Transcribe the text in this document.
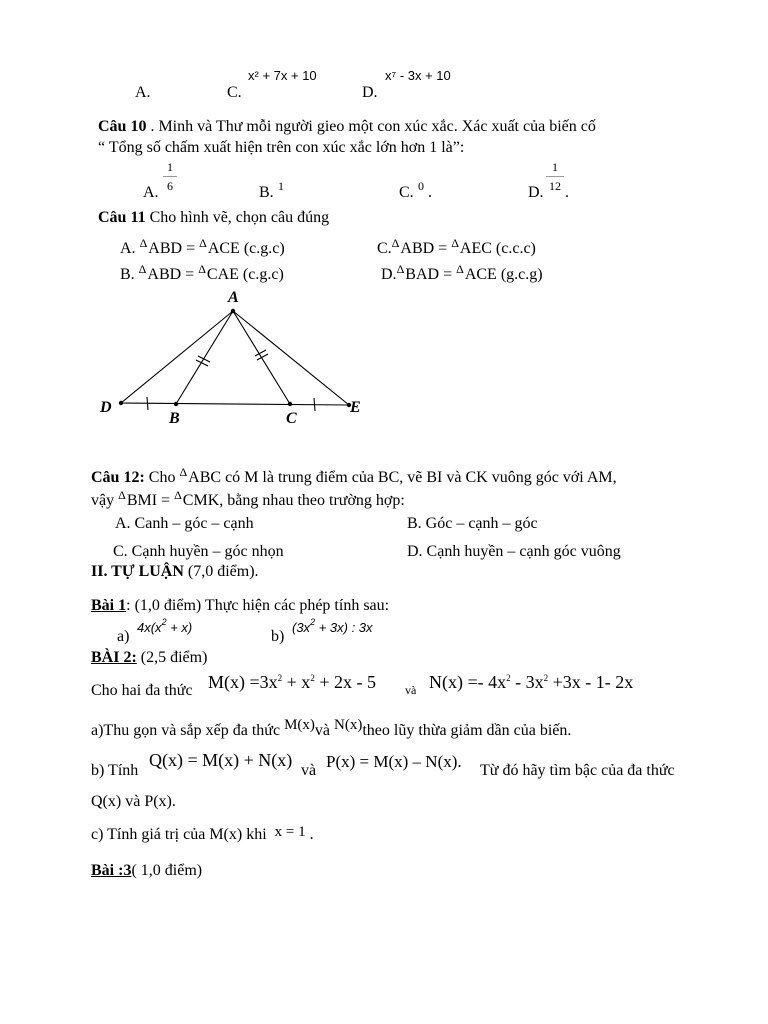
A.	C.
x² + 7x + 10
D.
x⁷ - 3x + 10
Câu 10 . Minh và Thư mỗi người gieo một con xúc xắc. Xác xuất của biến cố
“ Tổng số chấm xuất hiện trên con xúc xắc lớn hơn 1 là”:
A. $\frac{1}{6}$	B. 1	C. 0 .	D. $\frac{1}{12}$ .
Câu 11 Cho hình vẽ, chọn câu đúng
A. $^\Delta$ABD = $^\Delta$ACE (c.g.c)	C.$^\Delta$ABD = $^\Delta$AEC (c.c.c)
B. $^\Delta$ABD = $^\Delta$CAE (c.g.c)	D.$^\Delta$BAD = $^\Delta$ACE (g.c.g)
A
D
B	C
E
Câu 12: Cho $^\Delta$ABC có M là trung điểm của BC, vẽ BI và CK vuông góc với AM,
vậy $^\Delta$BMI = $^\Delta$CMK, bằng nhau theo trường hợp:
A. Canh – góc – cạnh	B. Góc – cạnh – góc
C. Cạnh huyền – góc nhọn	D. Cạnh huyền – cạnh góc vuông
II. TỰ LUẬN (7,0 điểm).
Bài 1: (1,0 điểm) Thực hiện các phép tính sau:
a)
$4x(x^2 + x)$
b)
$(3x^2 + 3x)$ : 3x
BÀI 2: (2,5 điểm)
Cho hai đa thức $M(x) =3x^2 + x^2 + 2x - 5$ và $N(x) =- 4x^2 - 3x^2 +3x - 1-$ 2x
a)Thu gọn và sắp xếp đa thức M(x)và N(x)theo lũy thừa giảm dần của biến.
b) Tính
Q(x) = M(x) + N(x)
và P(x) = M(x) – N(x). Từ đó hãy tìm bậc của đa thức
Q(x) và P(x).
c) Tính giá trị của M(x) khi x = 1 .
Bài :3( 1,0 điểm)
